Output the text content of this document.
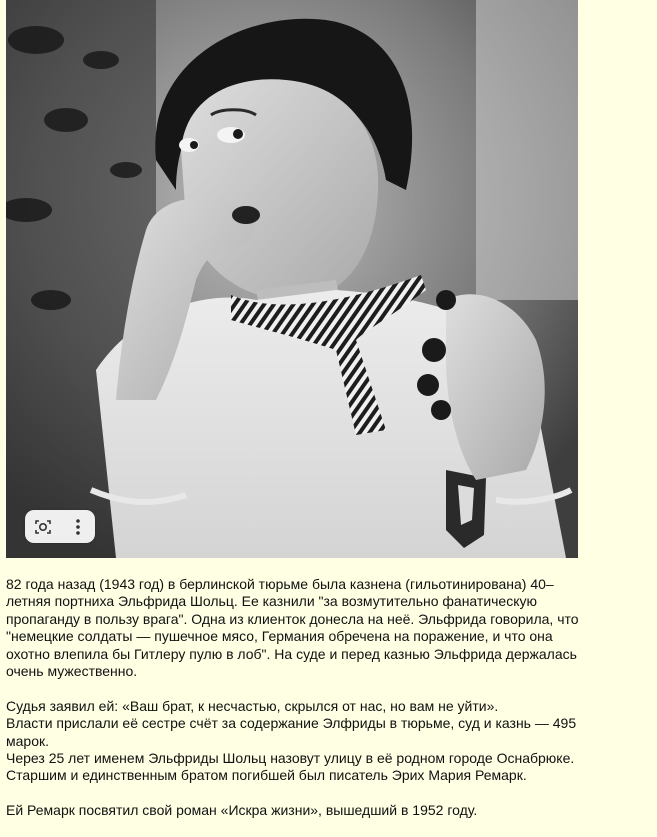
82 года назад (1943 год) в берлинской тюрьме была казнена (гильотинирована) 40–
летняя портниха Эльфрида Шольц. Ее казнили "за возмутительно фанатическую
пропаганду в пользу врага". Одна из клиенток донесла на неё. Эльфрида говорила, что
"немецкие солдаты — пушечное мясо, Германия обречена на поражение, и что она
охотно влепила бы Гитлеру пулю в лоб". На суде и перед казнью Эльфрида держалась
очень мужественно.

Судья заявил ей: «Ваш брат, к несчастью, скрылся от нас, но вам не уйти».
Власти прислали её сестре счёт за содержание Элфриды в тюрьме, суд и казнь — 495
марок.
Через 25 лет именем Эльфриды Шольц назовут улицу в её родном городе Оснабрюке.
Старшим и единственным братом погибшей был писатель Эрих Мария Ремарк.

Ей Ремарк посвятил свой роман «Искра жизни», вышедший в 1952 году.
